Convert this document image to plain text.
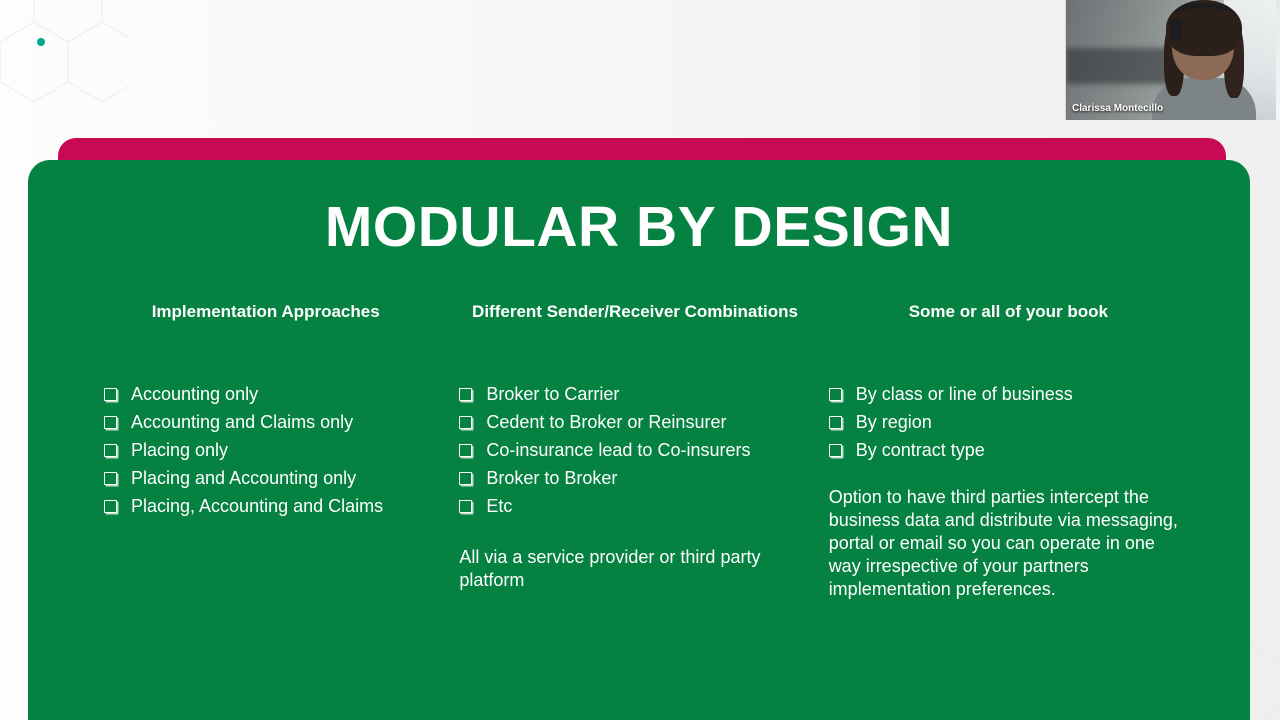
MODULAR BY DESIGN
Implementation Approaches
Accounting only
Accounting and Claims only
Placing only
Placing and Accounting only
Placing, Accounting and Claims
Different Sender/Receiver Combinations
Broker to Carrier
Cedent to Broker or Reinsurer
Co-insurance lead to Co-insurers
Broker to Broker
Etc
All via a service provider or third party platform
Some or all of your book
By class or line of business
By region
By contract type
Option to have third parties intercept the business data and distribute via messaging, portal or email so you can operate in one way irrespective of your partners implementation preferences.
Clarissa Montecillo
